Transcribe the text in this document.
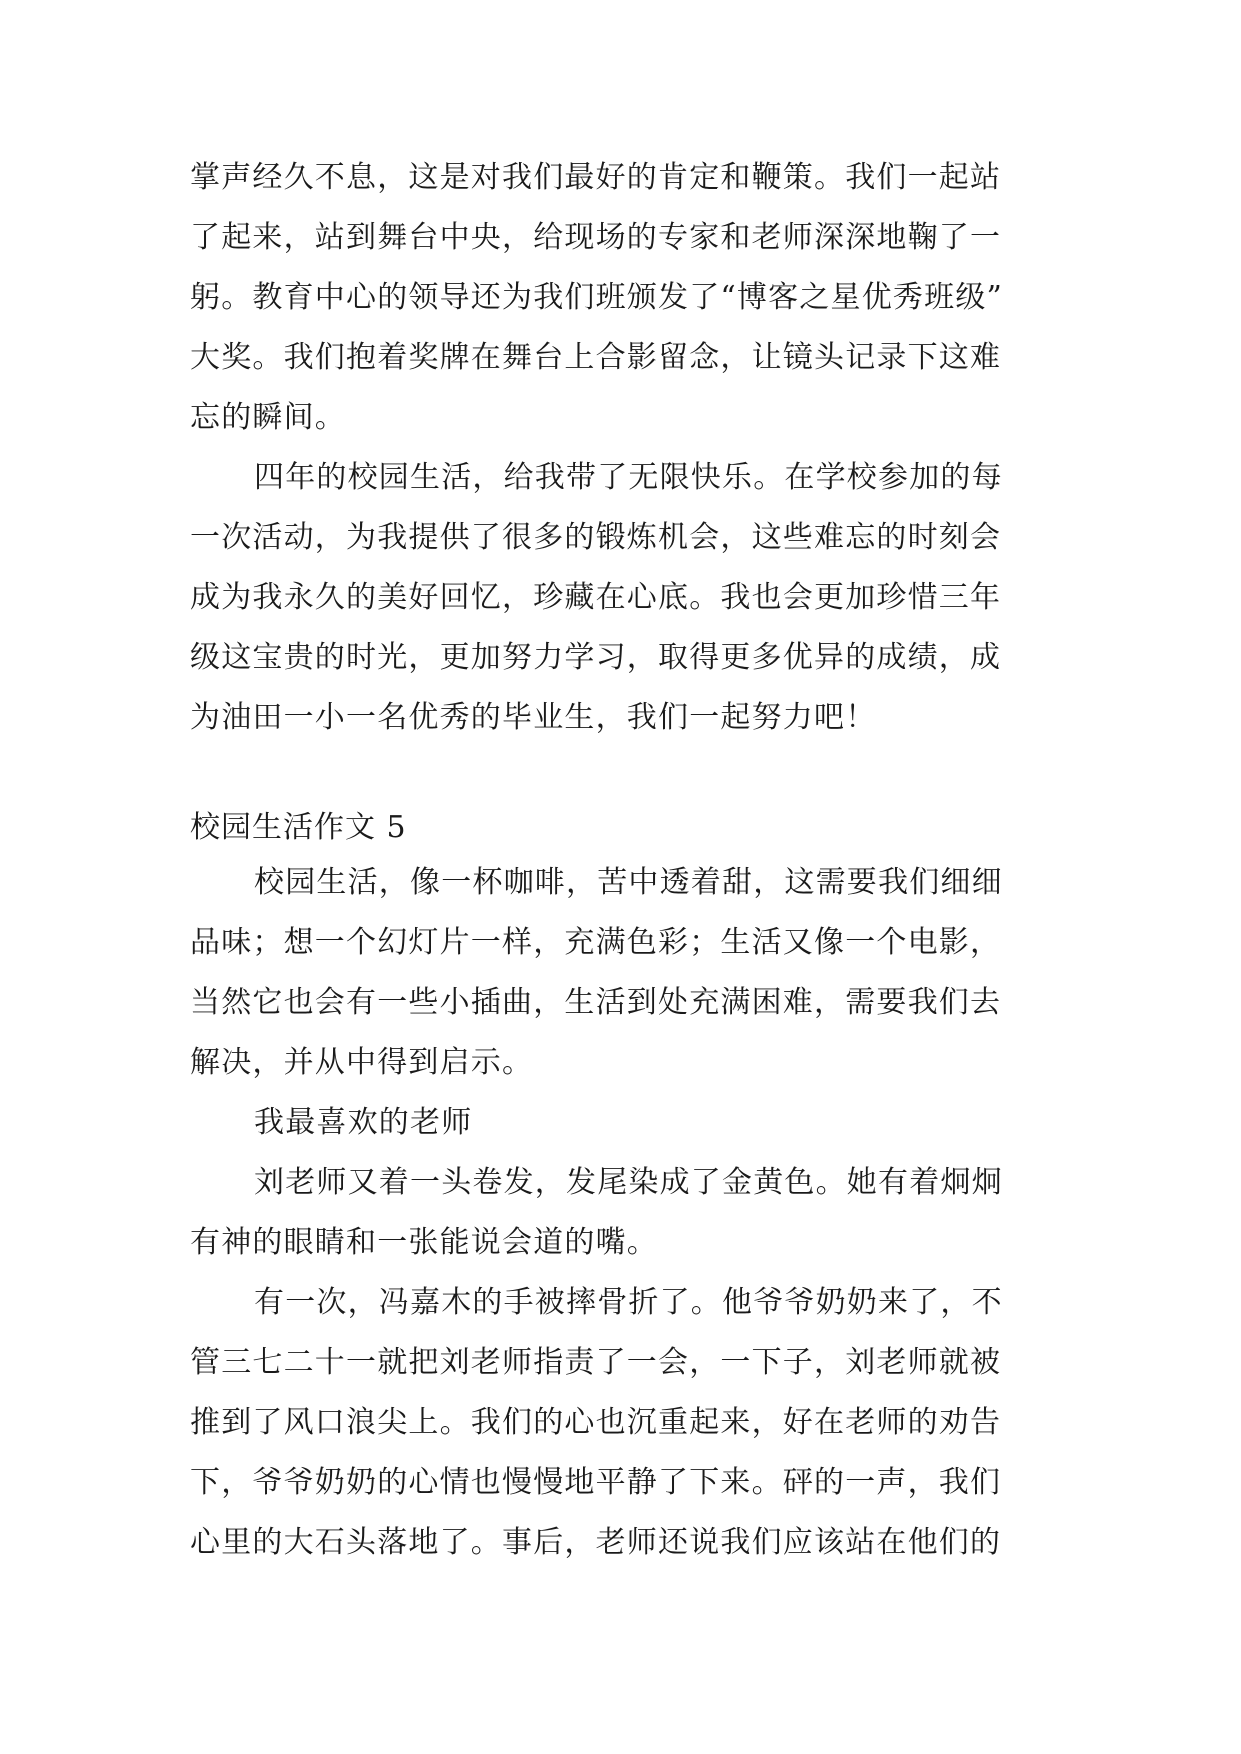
掌声经久不息，这是对我们最好的肯定和鞭策。我们一起站
了起来，站到舞台中央，给现场的专家和老师深深地鞠了一
躬。教育中心的领导还为我们班颁发了“博客之星优秀班级”
大奖。我们抱着奖牌在舞台上合影留念，让镜头记录下这难
忘的瞬间。
四年的校园生活，给我带了无限快乐。在学校参加的每
一次活动，为我提供了很多的锻炼机会，这些难忘的时刻会
成为我永久的美好回忆，珍藏在心底。我也会更加珍惜三年
级这宝贵的时光，更加努力学习，取得更多优异的成绩，成
为油田一小一名优秀的毕业生，我们一起努力吧！
校园生活作文 5
校园生活，像一杯咖啡，苦中透着甜，这需要我们细细
品味；想一个幻灯片一样，充满色彩；生活又像一个电影，
当然它也会有一些小插曲，生活到处充满困难，需要我们去
解决，并从中得到启示。
我最喜欢的老师
刘老师又着一头卷发，发尾染成了金黄色。她有着炯炯
有神的眼睛和一张能说会道的嘴。
有一次，冯嘉木的手被摔骨折了。他爷爷奶奶来了，不
管三七二十一就把刘老师指责了一会，一下子，刘老师就被
推到了风口浪尖上。我们的心也沉重起来，好在老师的劝告
下，爷爷奶奶的心情也慢慢地平静了下来。砰的一声，我们
心里的大石头落地了。事后，老师还说我们应该站在他们的
